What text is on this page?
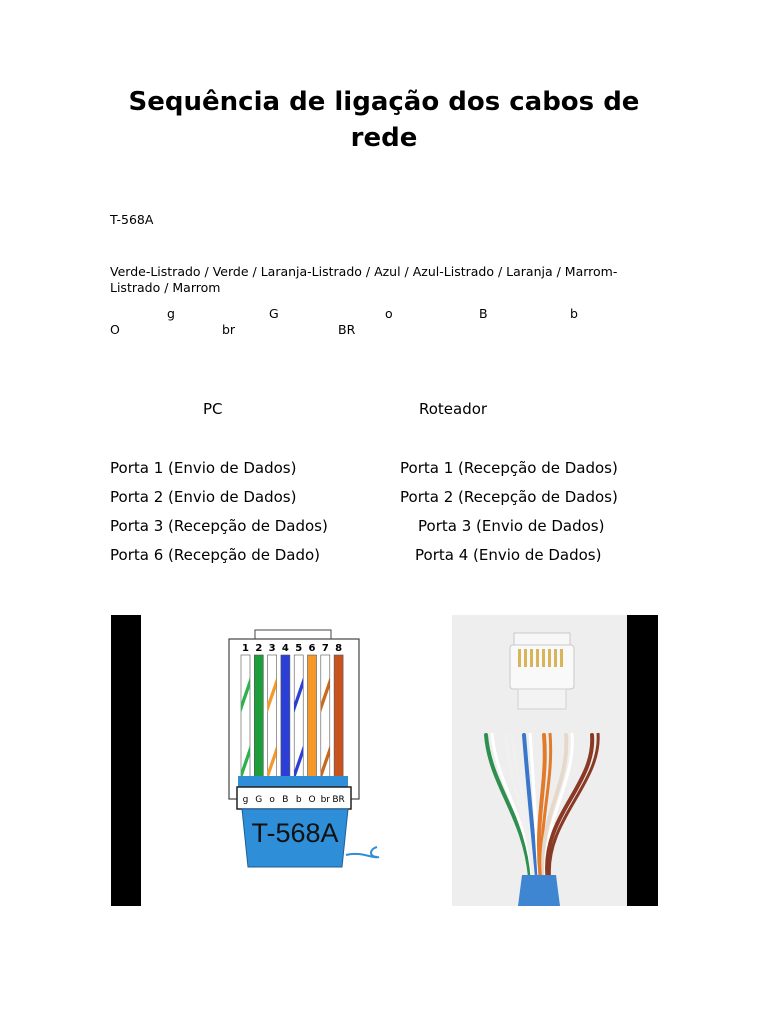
Sequência de ligação dos cabos de rede
T-568A
Verde-Listrado / Verde / Laranja-Listrado / Azul / Azul-Listrado / Laranja / Marrom-
Listrado / Marrom
g	G	o	B	b
O	br	BR
PC	Roteador
Porta 1 (Envio de Dados)	Porta 1 (Recepção de Dados)
Porta 2 (Envio de Dados)	Porta 2 (Recepção de Dados)
Porta 3 (Recepção de Dados)	Porta 3 (Envio de Dados)
Porta 6 (Recepção de Dado)	Porta 4 (Envio de Dados)
1 2 3 4 5 6 7 8
g G o B b O br BR
T-568A
